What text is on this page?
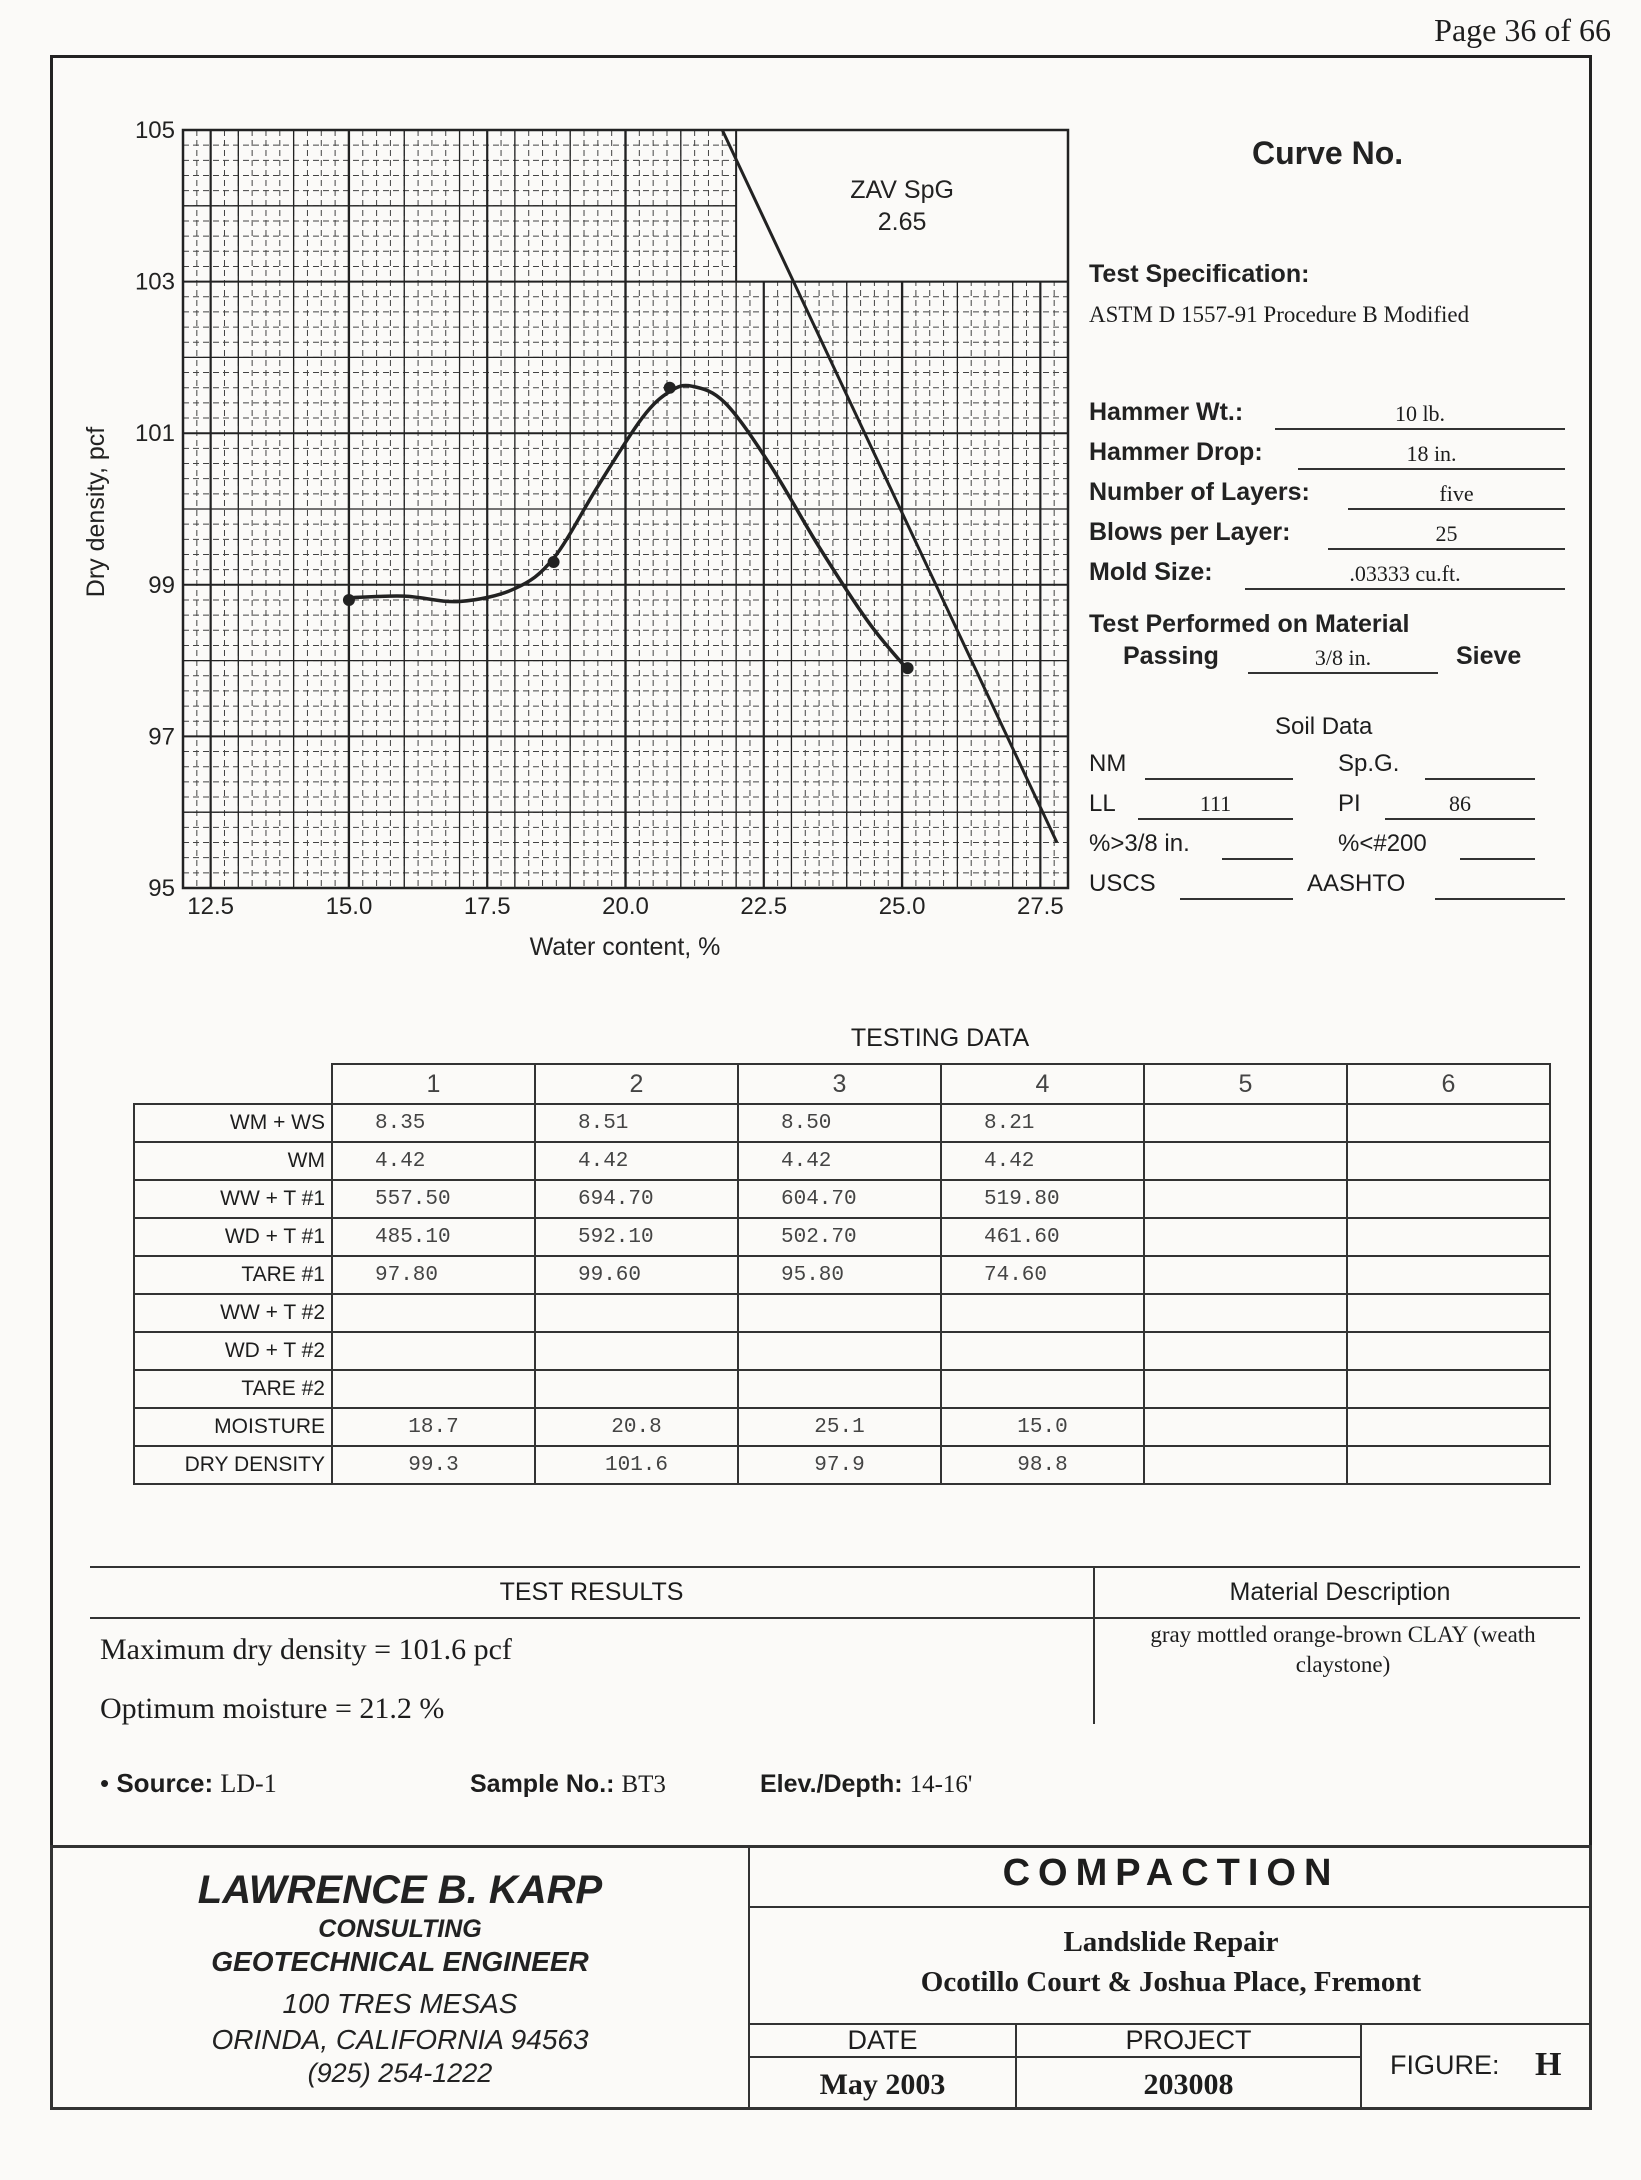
Page 36 of 66
ZAV SpG
2.65
95
97
99
101
103
105
12.5	15.0	17.5	20.0	22.5	25.0	27.5
Dry density, pcf
Water content, %
Curve No.
Test Specification:
ASTM D 1557-91 Procedure B Modified
Hammer Wt.:	10 lb.
Hammer Drop:	18 in.
Number of Layers:	five
Blows per Layer:	25
Mold Size:	.03333 cu.ft.
Test Performed on Material
Passing	3/8 in.	Sieve
Soil Data
NM	Sp.G.
LL	111	PI	86
%>3/8 in.	%<#200
USCS	AASHTO
TESTING DATA
	1	2	3	4	5	6
WM + WS	8.35	8.51	8.50	8.21		
WM	4.42	4.42	4.42	4.42		
WW + T #1	557.50	694.70	604.70	519.80		
WD + T #1	485.10	592.10	502.70	461.60		
TARE #1	97.80	99.60	95.80	74.60		
WW + T #2						
WD + T #2						
TARE #2						
MOISTURE	18.7	20.8	25.1	15.0		
DRY DENSITY	99.3	101.6	97.9	98.8		
TEST RESULTS	Material Description
Maximum dry density = 101.6 pcf
Optimum moisture = 21.2 %
gray mottled orange-brown CLAY (weath
claystone)
• Source: LD-1	Sample No.: BT3	Elev./Depth: 14-16'
LAWRENCE B. KARP
CONSULTING
GEOTECHNICAL ENGINEER
100 TRES MESAS
ORINDA, CALIFORNIA 94563
(925) 254-1222
COMPACTION
Landslide Repair
Ocotillo Court & Joshua Place, Fremont
DATE
May 2003
PROJECT
203008
FIGURE: H
